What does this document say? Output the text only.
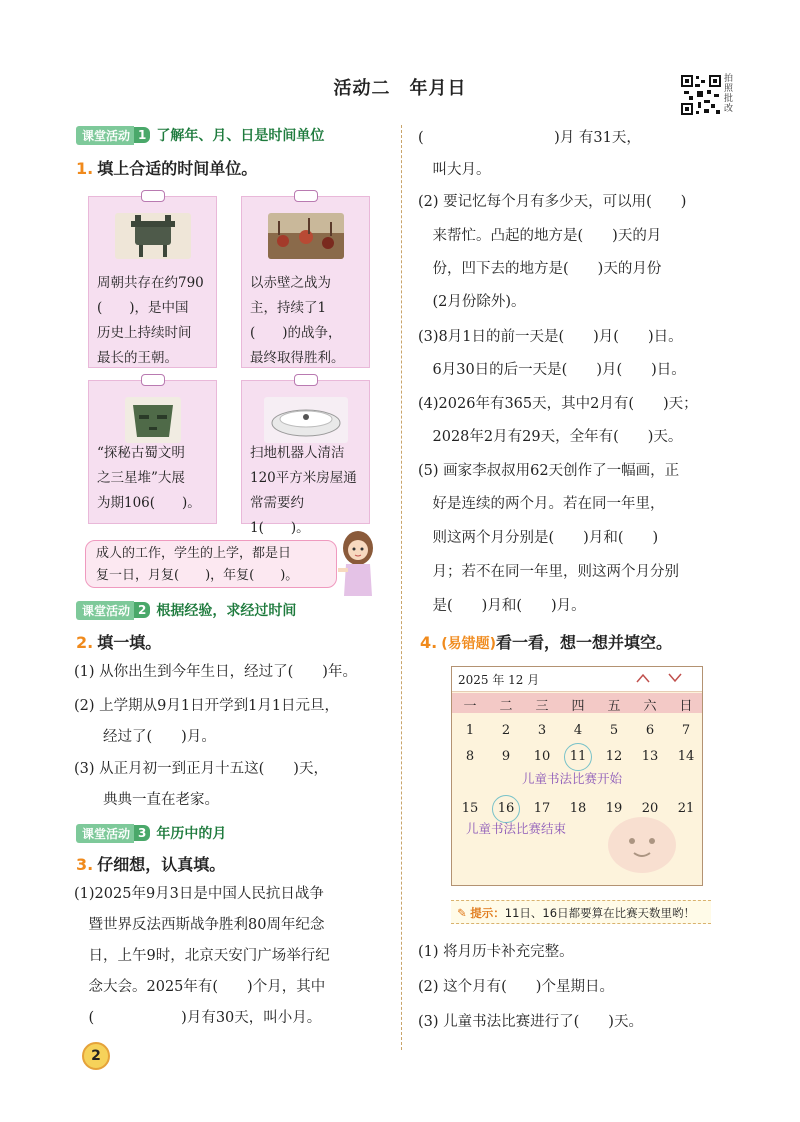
活动二　年月日	拍照批改
课堂活动 1 了解年、月、日是时间单位
1. 填上合适的时间单位。
周朝共存在约790
(　　)，是中国
历史上持续时间
最长的王朝。
以赤壁之战为
主，持续了1
(　　)的战争，
最终取得胜利。
“探秘古蜀文明
之三星堆”大展
为期106(　　)。
扫地机器人清洁
120平方米房屋通
常需要约1(　　)。
成人的工作，学生的上学，都是日
复一日，月复(　　)，年复(　　)。
课堂活动 2 根据经验，求经过时间
2. 填一填。
(1) 从你出生到今年生日，经过了(　　)年。
(2) 上学期从9月1日开学到1月1日元旦，
　　经过了(　　)月。
(3) 从正月初一到正月十五这(　　)天，
　　典典一直在老家。
课堂活动 3 年历中的月
3. 仔细想，认真填。
(1)2025年9月3日是中国人民抗日战争
　暨世界反法西斯战争胜利80周年纪念
　日，上午9时，北京天安门广场举行纪
　念大会。2025年有(　　)个月，其中
　(　　　　　　)月有30天，叫小月。
(　　　　　　　　　)月 有31天，
　叫大月。
(2) 要记忆每个月有多少天，可以用(　　)
　来帮忙。凸起的地方是(　　)天的月
　份，凹下去的地方是(　　)天的月份
　(2月份除外)。
(3)8月1日的前一天是(　　)月(　　)日。
　6月30日的后一天是(　　)月(　　)日。
(4)2026年有365天，其中2月有(　　)天；
　2028年2月有29天，全年有(　　)天。
(5) 画家李叔叔用62天创作了一幅画，正
　好是连续的两个月。若在同一年里，
　则这两个月分别是(　　)月和(　　)
　月；若不在同一年里，则这两个月分别
　是(　　)月和(　　)月。
4. (易错题)看一看，想一想并填空。
2025 年 12 月
一	二	三	四	五	六	日
1	2	3	4	5	6	7
8	9	10	11	12	13	14
儿童书法比赛开始
15	16	17	18	19	20	21
儿童书法比赛结束
✎ 提示：11日、16日都要算在比赛天数里哟！
(1) 将月历卡补充完整。
(2) 这个月有(　　)个星期日。
(3) 儿童书法比赛进行了(　　)天。
2
